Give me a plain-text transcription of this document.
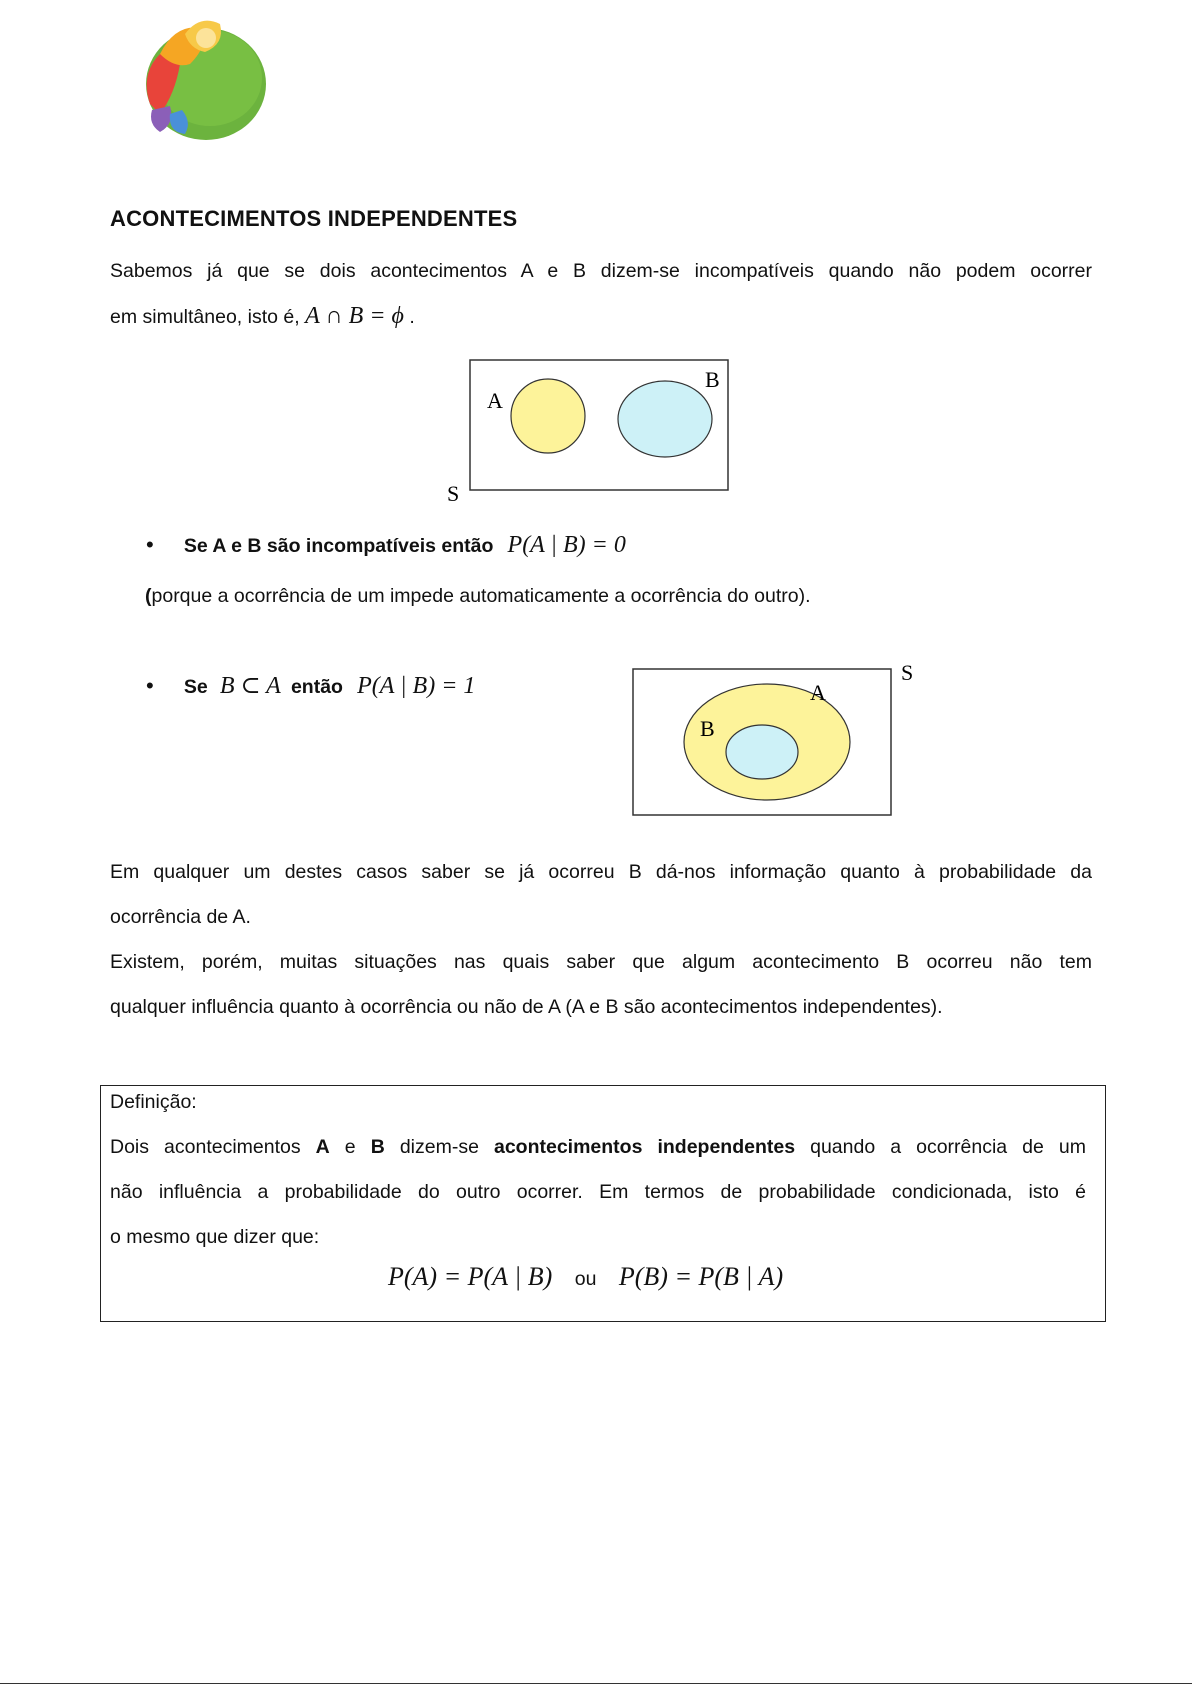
ACONTECIMENTOS INDEPENDENTES
Sabemos já que se dois acontecimentos A e B dizem-se incompatíveis quando não podem ocorrer
em simultâneo, isto é, A ∩ B = ϕ .
A
B
S
• Se A e B são incompatíveis então P(A | B) = 0
(porque a ocorrência de um impede automaticamente a ocorrência do outro).
• Se B ⊂ A então P(A | B) = 1	A
B
S
Em qualquer um destes casos saber se já ocorreu B dá-nos informação quanto à probabilidade da
ocorrência de A.
Existem, porém, muitas situações nas quais saber que algum acontecimento B ocorreu não tem
qualquer influência quanto à ocorrência ou não de A (A e B são acontecimentos independentes).
Definição:
Dois acontecimentos A e B dizem-se acontecimentos independentes quando a ocorrência de um
não influência a probabilidade do outro ocorrer. Em termos de probabilidade condicionada, isto é
o mesmo que dizer que:
P(A) = P(A | B) ou P(B) = P(B | A)
